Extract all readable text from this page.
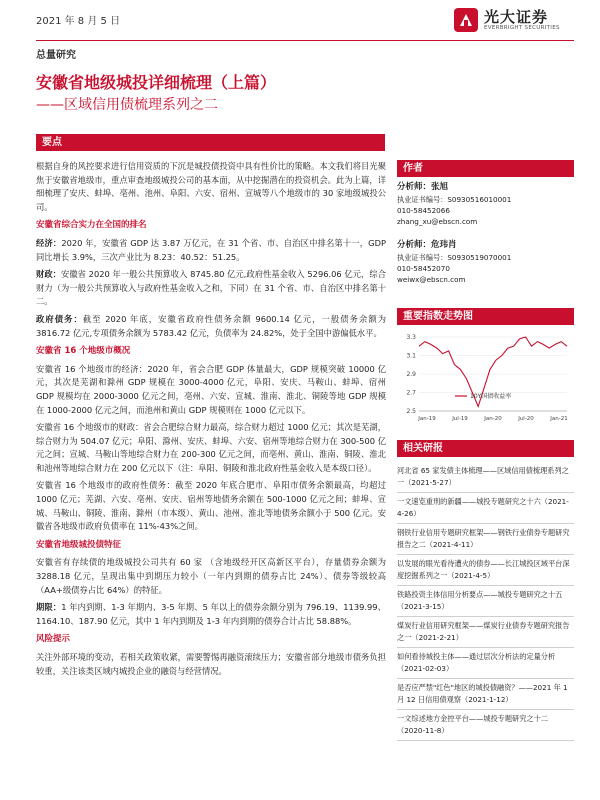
2021 年 8 月 5 日	光大证券
EVERBRIGHT SECURITIES
总量研究
安徽省地级城投详细梳理（上篇）
——区域信用债梳理系列之二
要点

根据自身的风控要求进行信用资质的下沉是城投债投资中具有性价比的策略。本文我们将目光聚焦于安徽省地级市，重点审查地级城投公司的基本面，从中挖掘潜在的投资机会。此为上篇，详细梳理了安庆、蚌埠、亳州、池州、阜阳、六安、宿州、宣城等八个地级市的 30 家地级城投公司。

安徽省综合实力在全国的排名

经济：2020 年，安徽省 GDP 达 3.87 万亿元，在 31 个省、市、自治区中排名第十一，GDP 同比增长 3.9%，三次产业比为 8.23：40.52：51.25。

财政：安徽省 2020 年一般公共预算收入 8745.80 亿元,政府性基金收入 5296.06 亿元，综合财力（为一般公共预算收入与政府性基金收入之和，下同）在 31 个省、市、自治区中排名第十二。

政府债务：截至 2020 年底，安徽省政府性债务余额 9600.14 亿元，一般债务余额为 3816.72 亿元,专项债务余额为 5783.42 亿元，负债率为 24.82%，处于全国中游偏低水平。

安徽省 16 个地级市概况

安徽省 16 个地级市的经济：2020 年，省会合肥 GDP 体量最大，GDP 规模突破 10000 亿元，其次是芜湖和滁州 GDP 规模在 3000-4000 亿元，阜阳、安庆、马鞍山、蚌埠、宿州 GDP 规模均在 2000-3000 亿元之间，亳州、六安、宣城、淮南、淮北、铜陵等地 GDP 规模在 1000-2000 亿元之间，而池州和黄山 GDP 规模则在 1000 亿元以下。

安徽省 16 个地级市的财政：省会合肥综合财力最高，综合财力超过 1000 亿元；其次是芜湖，综合财力为 504.07 亿元；阜阳、滁州、安庆、蚌埠、六安、宿州等地综合财力在 300-500 亿元之间；宣城、马鞍山等地综合财力在 200-300 亿元之间，而亳州、黄山、淮南、铜陵、淮北和池州等地综合财力在 200 亿元以下（注：阜阳、铜陵和淮北政府性基金收入是本级口径）。

安徽省 16 个地级市的政府性债务：截至 2020 年底合肥市、阜阳市债务余额最高，均超过 1000 亿元；芜湖、六安、亳州、安庆、宿州等地债务余额在 500-1000 亿元之间；蚌埠、宣城、马鞍山、铜陵、淮南、滁州（市本级）、黄山、池州、淮北等地债务余额小于 500 亿元。安徽省各地级市政府负债率在 11%-43%之间。

安徽省地级城投债特征

安徽省有存续债的地级城投公司共有 60 家 （含地级经开区高新区平台），存量债券余额为 3288.18 亿元，呈现出集中到期压力较小（一年内到期的债券占比 24%）、债券等级较高（AA+级债券占比 64%）的特征。

期限：1 年内到期、1-3 年期内、3-5 年期、5 年以上的债券余额分别为 796.19、1139.99、1164.10、187.90 亿元，其中 1 年内到期及 1-3 年内到期的债券合计占比 58.88%。

风险提示

关注外部环境的变动，若相关政策收紧，需要警惕再融资滚续压力；安徽省部分地级市债务负担较重，关注该类区域内城投企业的融资与经营情况。

作者
分析师：张旭
执业证书编号：S0930516010001
010-58452066
zhang_xu@ebscn.com
分析师：危玮肖
执业证书编号：S0930519070001
010-58452070
weiwx@ebscn.com
重要指数走势图
2.5
2.7
2.9
3.1
3.3
Jan-19	Jul-19	Jan-20	Jul-20	Jan-21
10Y国债收益率
相关研报
河北省 65 家发债主体梳理——区域信用债梳理系列之一（2021-5-27）
一文速览重刑的新疆——城投专题研究之十六（2021-4-26）
钢铁行业信用专题研究框架——钢铁行业债券专题研究报告之二（2021-4-11）
以发展的眼光看待遭火的债券——长江城投区域平台深度挖掘系列之一（2021-4-5）
铁路投资主体信用分析要点——城投专题研究之十五（2021-3-15）
煤炭行业信用研究框架——煤炭行业债券专题研究报告之一（2021-2-21）
如何看待城投主体——通过层次分析法的定量分析（2021-02-03）
是否应严禁"红色"地区的城投债融资？——2021 年 1 月 12 日信用债观察（2021-1-12）
一文综述地方金控平台——城投专题研究之十二（2020-11-8）
